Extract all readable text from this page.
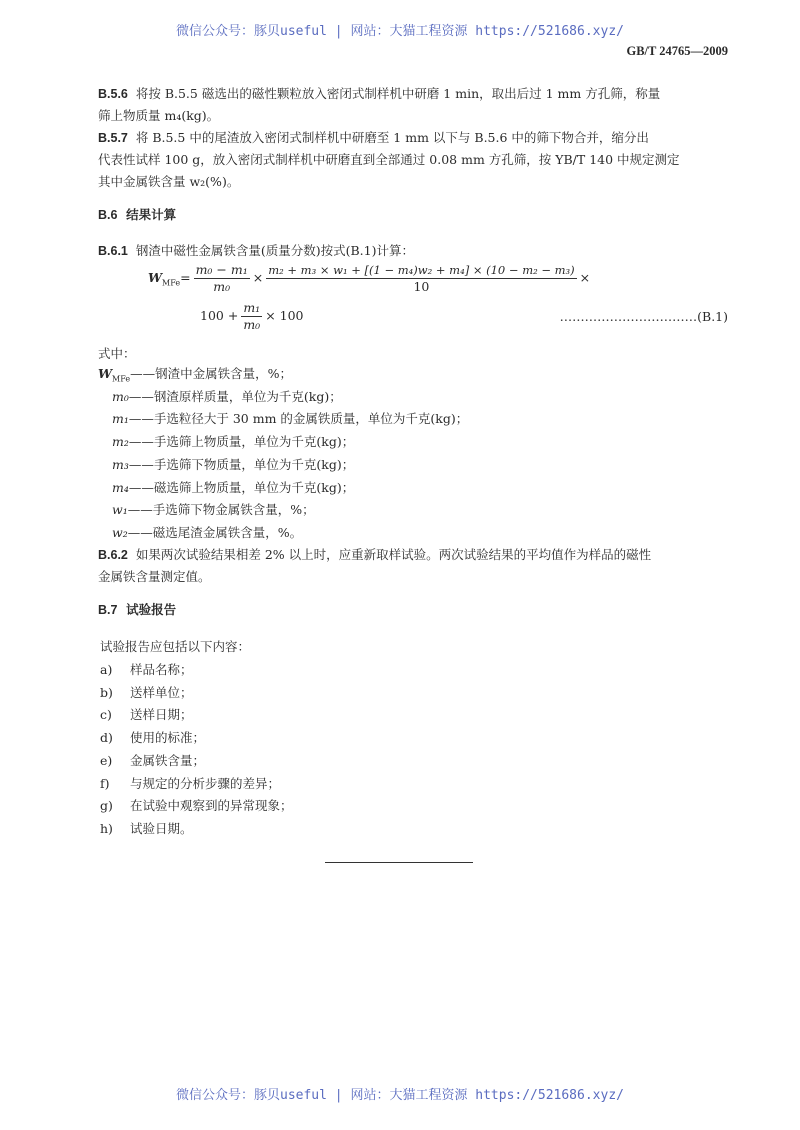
微信公众号：豚贝useful | 网站：大猫工程资源 https://521686.xyz/
GB/T 24765—2009
B.5.6 将按 B.5.5 磁选出的磁性颗粒放入密闭式制样机中研磨 1 min，取出后过 1 mm 方孔筛，称量
筛上物质量 m₄(kg)。
B.5.7 将 B.5.5 中的尾渣放入密闭式制样机中研磨至 1 mm 以下与 B.5.6 中的筛下物合并，缩分出
代表性试样 100 g，放入密闭式制样机中研磨直到全部通过 0.08 mm 方孔筛，按 YB/T 140 中规定测定
其中金属铁含量 w₂(%)。
B.6 结果计算
B.6.1 钢渣中磁性金属铁含量(质量分数)按式(B.1)计算：
$W_{MFe}= \frac{\text{m₀ − m₁}}{\text{m₀}} \times \frac{\text{m₂ + m₃ × w₁ + [(1 − m₄)w₂ + m₄] × (10 − m₂ − m₃)}}{10}$ ×
$100 + \frac{\text{m₁}}{\text{m₀}} \times 100$	……………………………(B.1)
式中：
B.6.2 如果两次试验结果相差 2% 以上时，应重新取样试验。两次试验结果的平均值作为样品的磁性
金属铁含量测定值。
B.7 试验报告
试验报告应包括以下内容：
微信公众号：豚贝useful | 网站：大猫工程资源 https://521686.xyz/
$W_{MFe}——$钢渣中金属铁含量，%；
m₀——钢渣原样质量，单位为千克(kg)；
m₁——手选粒径大于 30 mm 的金属铁质量，单位为千克(kg)；
m₂——手选筛上物质量，单位为千克(kg)；
m₃——手选筛下物质量，单位为千克(kg)；
m₄——磁选筛上物质量，单位为千克(kg)；
w₁——手选筛下物金属铁含量，%；
w₂——磁选尾渣金属铁含量，%。
a) 样品名称；
b) 送样单位；
c) 送样日期；
d) 使用的标准；
e) 金属铁含量；
f) 与规定的分析步骤的差异；
g) 在试验中观察到的异常现象；
h) 试验日期。
